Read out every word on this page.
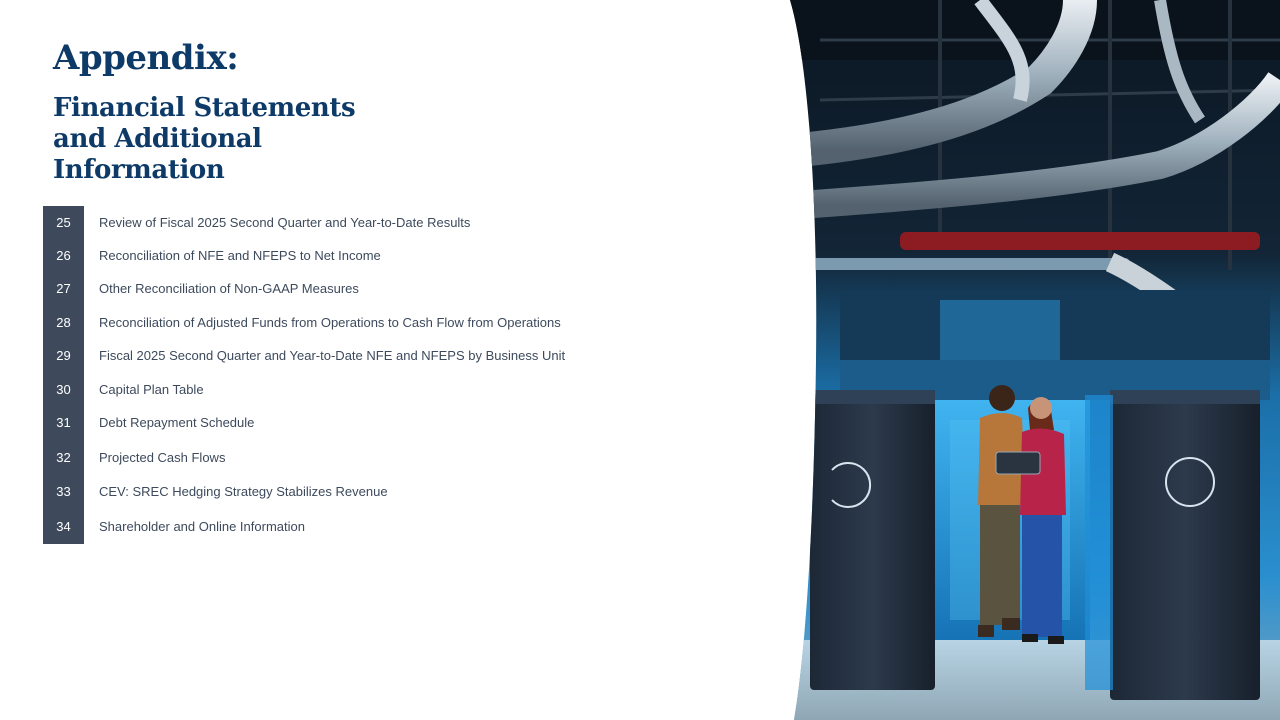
Appendix:
Financial Statements
and Additional
Information
25	Review of Fiscal 2025 Second Quarter and Year-to-Date Results
26	Reconciliation of NFE and NFEPS to Net Income
27	Other Reconciliation of Non-GAAP Measures
28	Reconciliation of Adjusted Funds from Operations to Cash Flow from Operations
29	Fiscal 2025 Second Quarter and Year-to-Date NFE and NFEPS by Business Unit
30	Capital Plan Table
31	Debt Repayment Schedule
32	Projected Cash Flows
33	CEV: SREC Hedging Strategy Stabilizes Revenue
34	Shareholder and Online Information
